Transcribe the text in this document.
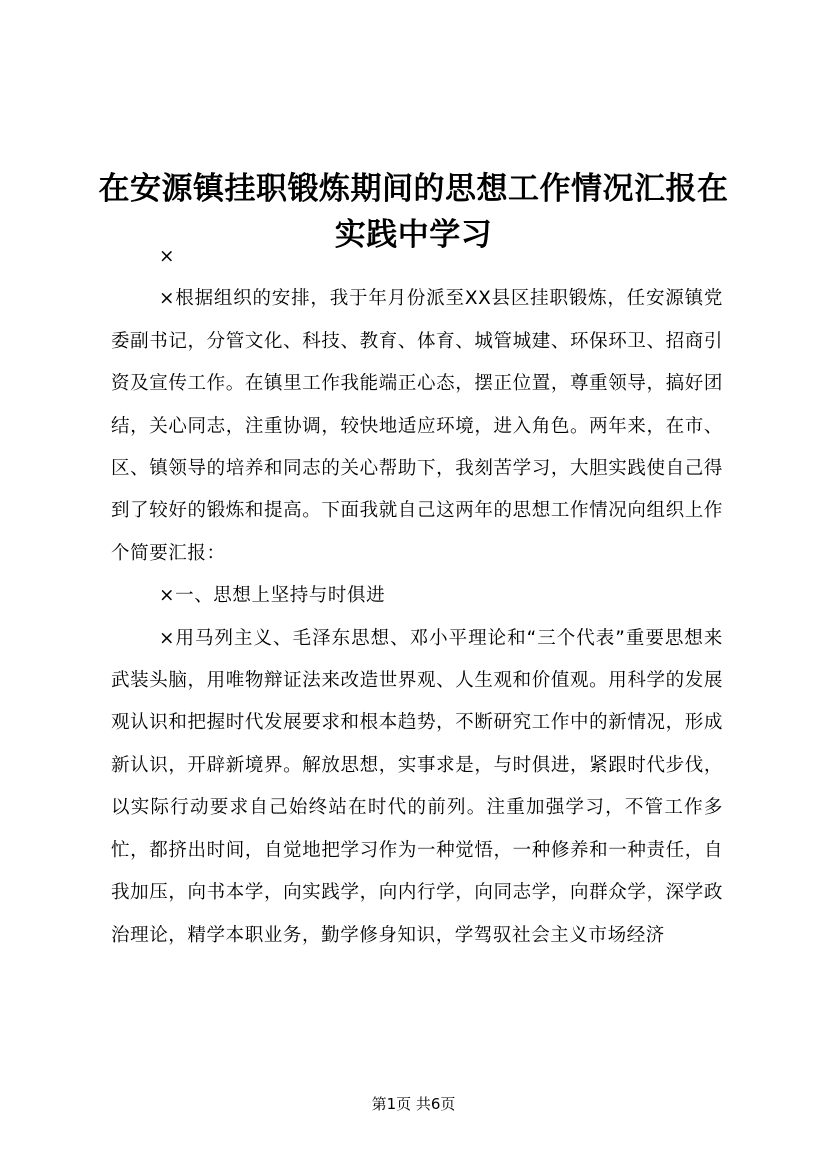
在安源镇挂职锻炼期间的思想工作情况汇报在实践中学习

×

×根据组织的安排，我于年月份派至XX县区挂职锻炼，任安源镇党委副书记，分管文化、科技、教育、体育、城管城建、环保环卫、招商引资及宣传工作。在镇里工作我能端正心态，摆正位置，尊重领导，搞好团结，关心同志，注重协调，较快地适应环境，进入角色。两年来，在市、区、镇领导的培养和同志的关心帮助下，我刻苦学习，大胆实践使自己得到了较好的锻炼和提高。下面我就自己这两年的思想工作情况向组织上作个简要汇报：

×一、思想上坚持与时俱进

×用马列主义、毛泽东思想、邓小平理论和“三个代表”重要思想来武装头脑，用唯物辩证法来改造世界观、人生观和价值观。用科学的发展观认识和把握时代发展要求和根本趋势，不断研究工作中的新情况，形成新认识，开辟新境界。解放思想，实事求是，与时俱进，紧跟时代步伐，以实际行动要求自己始终站在时代的前列。注重加强学习，不管工作多忙，都挤出时间，自觉地把学习作为一种觉悟，一种修养和一种责任，自我加压，向书本学，向实践学，向内行学，向同志学，向群众学，深学政治理论，精学本职业务，勤学修身知识，学驾驭社会主义市场经济

第1页 共6页
